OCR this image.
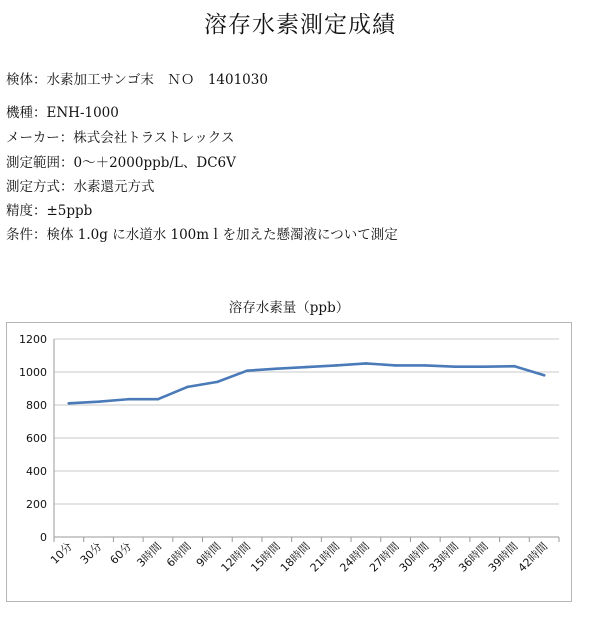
溶存水素測定成績
検体：水素加工サンゴ末　ＮＯ　1401030
機種：ENH-1000
メーカー：株式会社トラストレックス
測定範囲：0～＋2000ppb/L、DC6V
測定方式：水素還元方式
精度：±5ppb
条件：検体 1.0g に水道水 100mｌを加えた懸濁液について測定
溶存水素量（ppb）
0
200
400
600
800
1000
1200
10分 30分 60分 3時間 6時間 9時間
12時間
15時間
18時間
21時間
24時間
27時間
30時間
33時間
36時間
39時間
42時間
